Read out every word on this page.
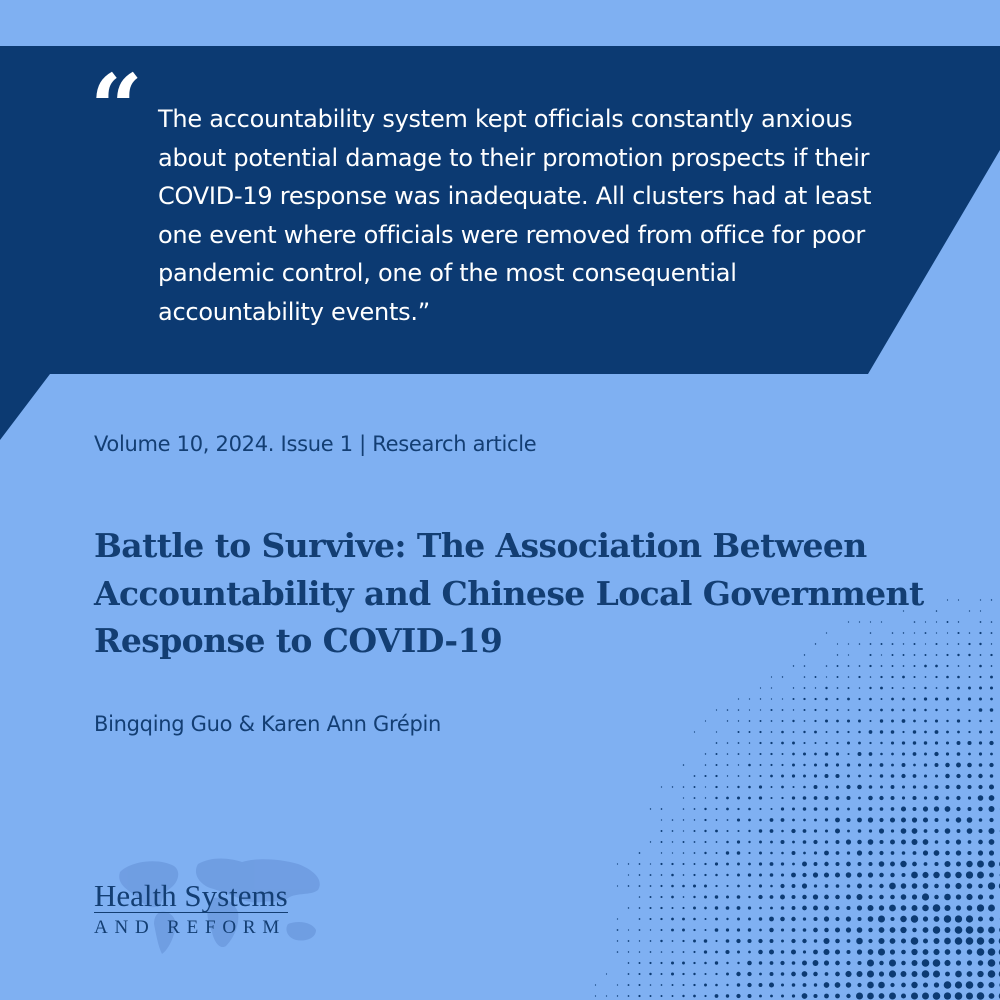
“ The accountability system kept officials constantly anxious about potential damage to their promotion prospects if their COVID-19 response was inadequate. All clusters had at least one event where officials were removed from office for poor pandemic control, one of the most consequential accountability events.”
Volume 10, 2024. Issue 1 | Research article
Battle to Survive: The Association Between Accountability and Chinese Local Government Response to COVID-19
Bingqing Guo & Karen Ann Grépin
Health Systems
AND REFORM
